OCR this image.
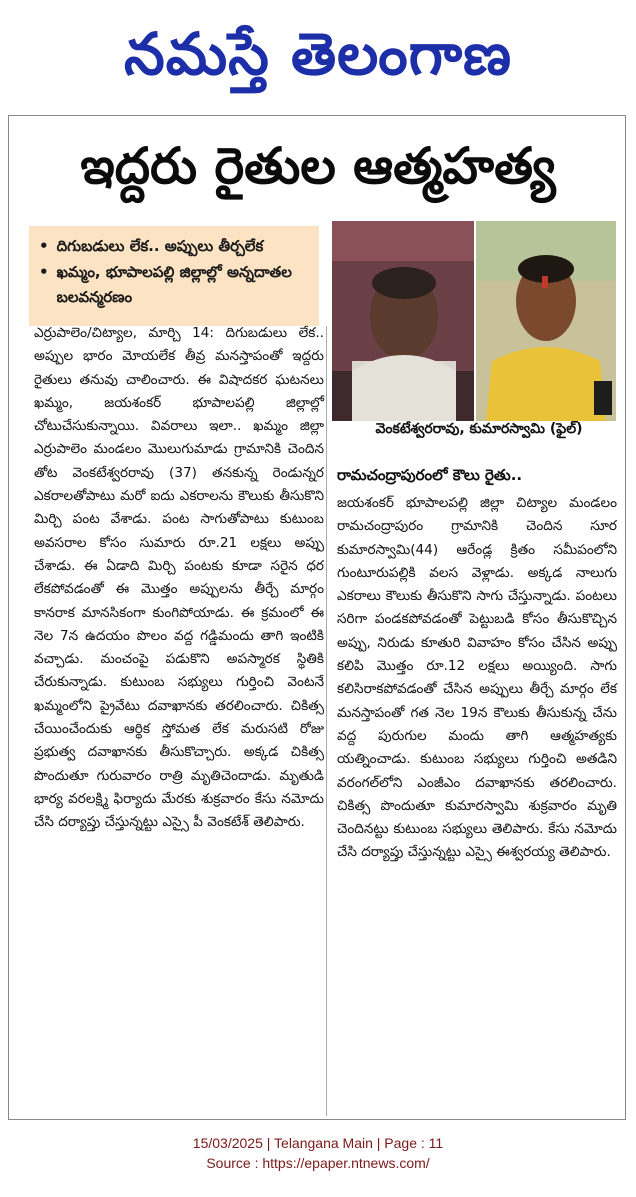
నమస్తే తెలంగాణ
ఇద్దరు రైతుల ఆత్మహత్య
• దిగుబడులు లేక.. అప్పులు తీర్చలేక
• ఖమ్మం, భూపాలపల్లి జిల్లాల్లో అన్నదాతల బలవన్మరణం
వెంకటేశ్వరరావు, కుమారస్వామి (ఫైల్)

ఎర్రుపాలెం/చిట్యాల, మార్చి 14: దిగుబడులు లేక.. అప్పుల భారం మోయలేక తీవ్ర మనస్తాపంతో ఇద్దరు రైతులు తనువు చాలించారు. ఈ విషాదకర ఘటనలు ఖమ్మం, జయశంకర్ భూపాలపల్లి జిల్లాల్లో చోటుచేసుకున్నాయి. వివరాలు ఇలా.. ఖమ్మం జిల్లా ఎర్రుపాలెం మండలం మొలుగుమాడు గ్రామానికి చెందిన తోట వెంకటేశ్వరరావు (37) తనకున్న రెండున్నర ఎకరాలతోపాటు మరో ఐదు ఎకరాలను కౌలుకు తీసుకొని మిర్చి పంట వేశాడు. పంట సాగుతోపాటు కుటుంబ అవసరాల కోసం సుమారు రూ.21 లక్షలు అప్పు చేశాడు. ఈ ఏడాది మిర్చి పంటకు కూడా సరైన ధర లేకపోవడంతో ఈ మొత్తం అప్పులను తీర్చే మార్గం కానరాక మానసికంగా కుంగిపోయాడు. ఈ క్రమంలో ఈ నెల 7న ఉదయం పొలం వద్ద గడ్డిమందు తాగి ఇంటికి వచ్చాడు. మంచంపై పడుకొని అపస్మారక స్థితికి చేరుకున్నాడు. కుటుంబ సభ్యులు గుర్తించి వెంటనే ఖమ్మంలోని ప్రైవేటు దవాఖానకు తరలించారు. చికిత్స చేయించేందుకు ఆర్థిక స్తోమత లేక మరుసటి రోజు ప్రభుత్వ దవాఖానకు తీసుకొచ్చారు. అక్కడ చికిత్స పొందుతూ గురువారం రాత్రి మృతిచెందాడు. మృతుడి భార్య వరలక్ష్మి ఫిర్యాదు మేరకు శుక్రవారం కేసు నమోదు చేసి దర్యాప్తు చేస్తున్నట్టు ఎస్సై పీ వెంకటేశ్ తెలిపారు.

రామచంద్రాపురంలో కౌలు రైతు..

జయశంకర్ భూపాలపల్లి జిల్లా చిట్యాల మండలం రామచంద్రాపురం గ్రామానికి చెందిన సూర కుమారస్వామి(44) ఆరేండ్ల క్రితం సమీపంలోని గుంటూరుపల్లికి వలస వెళ్లాడు. అక్కడ నాలుగు ఎకరాలు కౌలుకు తీసుకొని సాగు చేస్తున్నాడు. పంటలు సరిగా పండకపోవడంతో పెట్టుబడి కోసం తీసుకొచ్చిన అప్పు, నిరుడు కూతురి వివాహం కోసం చేసిన అప్పు కలిపి మొత్తం రూ.12 లక్షలు అయ్యింది. సాగు కలిసిరాకపోవడంతో చేసిన అప్పులు తీర్చే మార్గం లేక మనస్తాపంతో గత నెల 19న కౌలుకు తీసుకున్న చేను వద్ద పురుగుల మందు తాగి ఆత్మహత్యకు యత్నించాడు. కుటుంబ సభ్యులు గుర్తించి అతడిని వరంగల్‌లోని ఎంజీఎం దవాఖానకు తరలించారు. చికిత్స పొందుతూ కుమారస్వామి శుక్రవారం మృతి చెందినట్టు కుటుంబ సభ్యులు తెలిపారు. కేసు నమోదు చేసి దర్యాప్తు చేస్తున్నట్టు ఎస్సై ఈశ్వరయ్య తెలిపారు.

15/03/2025 | Telangana Main | Page : 11
Source : https://epaper.ntnews.com/
